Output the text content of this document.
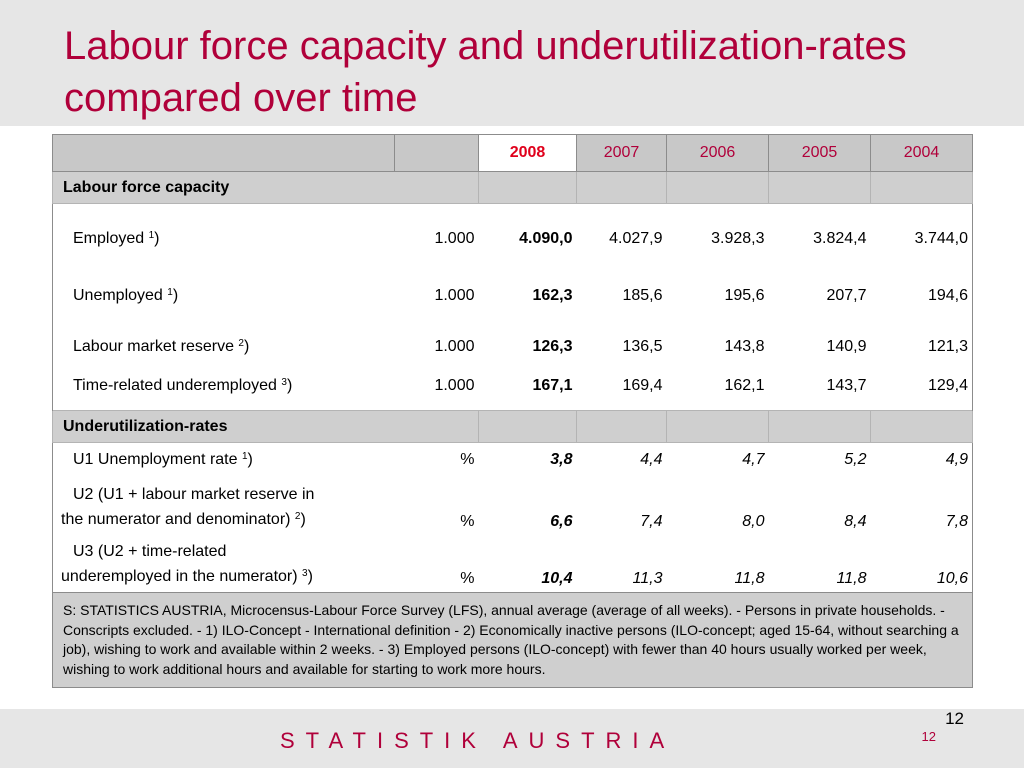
Labour force capacity and underutilization-rates compared over time
		2008	2007	2006	2005	2004
Labour force capacity						
Employed $^1$)	1.000	4.090,0	4.027,9	3.928,3	3.824,4	3.744,0
Unemployed $^1$)	1.000	162,3	185,6	195,6	207,7	194,6
Labour market reserve $^2$)	1.000	126,3	136,5	143,8	140,9	121,3
Time-related underemployed $^3$)	1.000	167,1	169,4	162,1	143,7	129,4
Underutilization-rates						
U1 Unemployment rate $^1$)	%	3,8	4,4	4,7	5,2	4,9

U2 (U1 + labour market reserve in
the numerator and denominator) $^2$)	%	6,6	7,4	8,0	8,4	7,8

U3 (U2 + time-related
underemployed in the numerator) $^3$)	%	10,4	11,3	11,8	11,8	10,6
S: STATISTICS AUSTRIA, Microcensus-Labour Force Survey (LFS), annual average (average of all weeks). - Persons in private households. - Conscripts excluded. - 1) ILO-Concept - International definition - 2) Economically inactive persons (ILO-concept; aged 15-64, without searching a job), wishing to work and available within 2 weeks. - 3) Employed persons (ILO-concept) with fewer than 40 hours usually worked per week, wishing to work additional hours and available for starting to work more hours.						
12
STATISTIK AUSTRIA	12
